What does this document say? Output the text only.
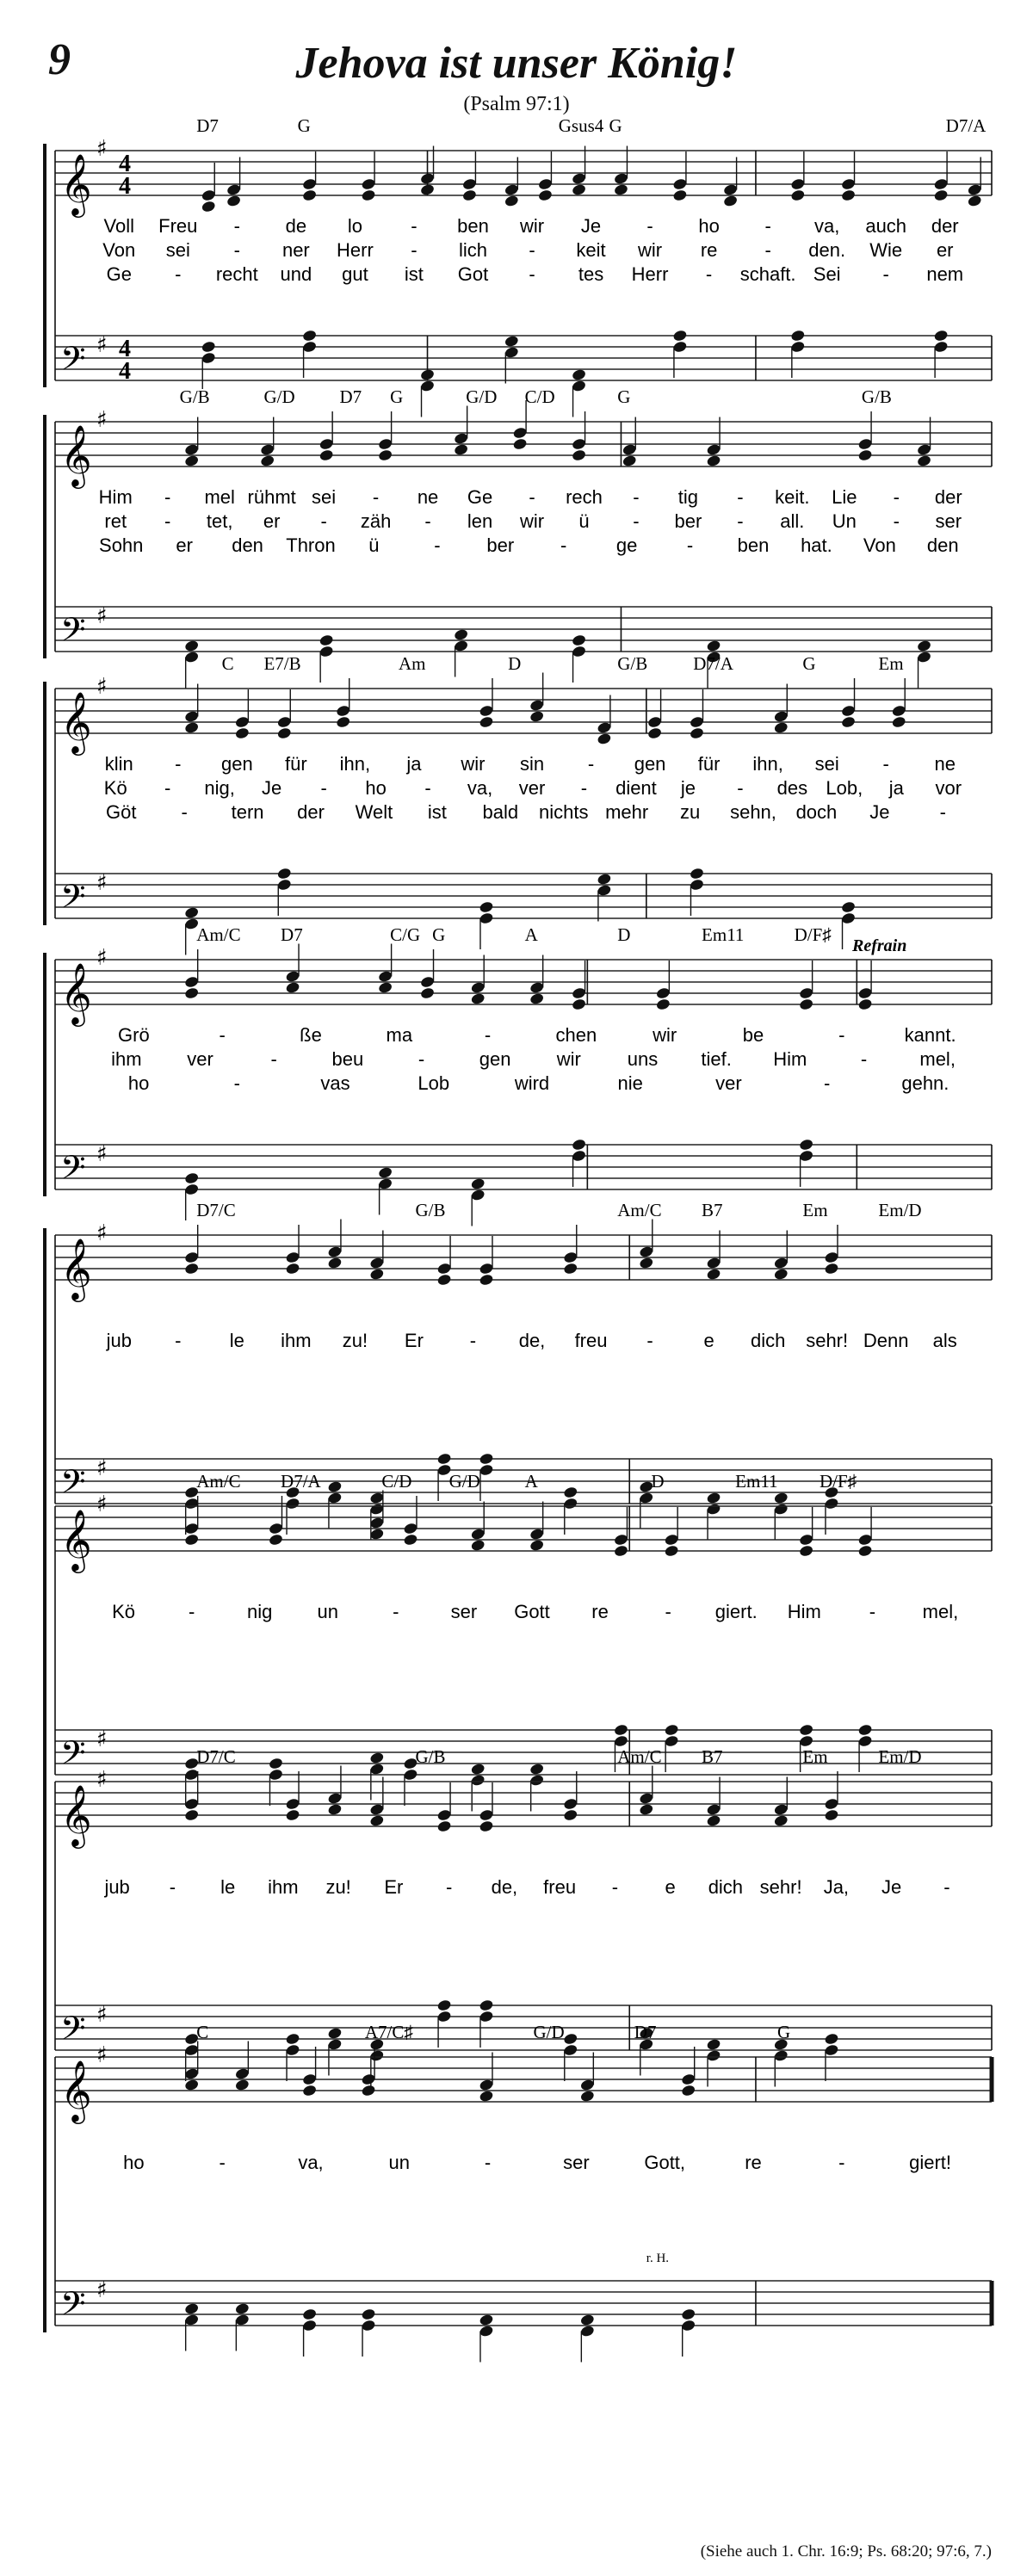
9	Jehova ist unser König!
(Psalm 97:1)
𝄞
𝄢
♯
♯
4
4
4
4
D7	G	Gsus4 G	D7/A
Voll Freu - de lo	- ben wir Je - ho - va, auch der
Von sei - ner Herr - lich - keit wir re	- den. Wie er
Ge - recht und gut ist Got - tes Herr - schaft. Sei - nem
𝄞
𝄢
♯
♯
G/B	G/D D7 G	G/D C/D	G	G/B
Him - mel rühmt sei - ne Ge - rech - tig - keit. Lie - der
ret - tet, er - zäh - len wir ü - ber - all. Un - ser
Sohn er den Thron ü	- ber -	ge	- ben hat. Von den
𝄞
𝄢
♯
♯
C E7/B	Am	D	G/B	D7/A	G	Em
klin - gen für ihn, ja wir sin - gen für ihn, sei - ne
Kö - nig, Je - ho - va, ver - dient je - des Lob, ja vor
Göt - tern der Welt ist bald nichts mehr zu sehn, doch Je	-
𝄞
𝄢
♯
♯
Am/C D7	C/G G	A	D	Em11	D/F♯
Grö	-	ße	ma	-	chen	wir	be	-	kannt.
ihm ver	-	beu	-	gen wir uns tief. Him	-	mel,
ho	-	vas	Lob	wird	nie	ver	-	gehn.
𝄞
𝄢
♯
♯
D7/C	G/B	Am/C B7	Em	Em/D
jub -	le ihm zu! Er - de, freu -	e dich sehr! Denn als
𝄞
𝄢
♯
♯
Am/C D7/A	C/D G/D A	D	Em11 D/F♯
Kö	-	nig un	-	ser Gott re	- giert. Him	- mel,
𝄞
𝄢
♯
♯
D7/C	G/B	Am/C B7	Em	Em/D
jub - le ihm zu! Er - de, freu - e dich sehr! Ja, Je -
𝄞
𝄢
♯
♯
C	A7/C♯	G/D	D7	G
ho	-	va,	un	-	ser	Gott,	re	-	giert!
r. H.
Refrain
(Siehe auch 1. Chr. 16:9; Ps. 68:20; 97:6, 7.)
